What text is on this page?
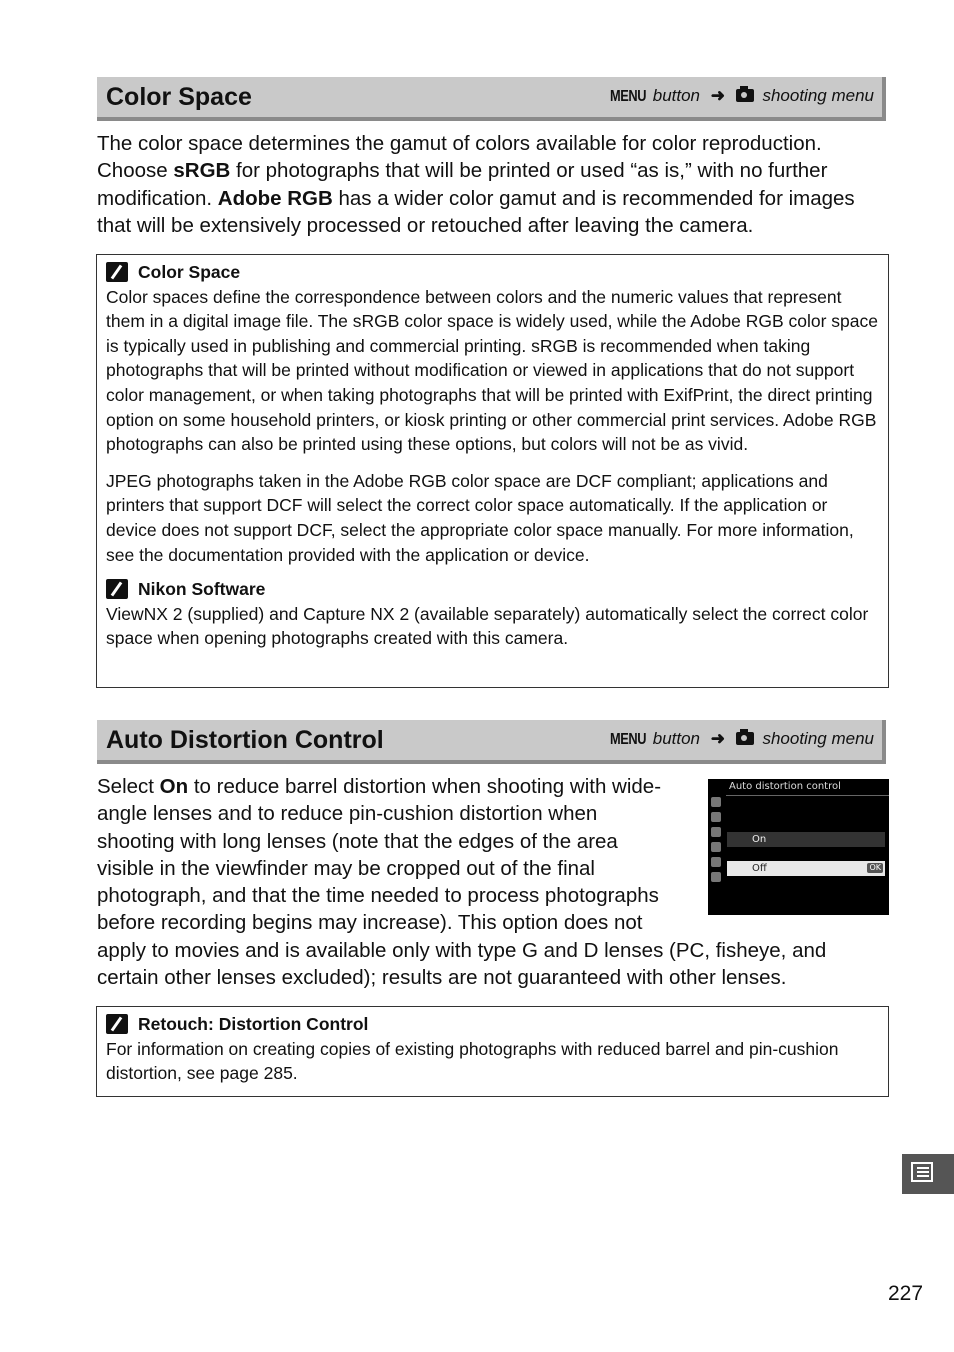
Color Space	MENU button ➜ shooting menu

The color space determines the gamut of colors available for color reproduction. Choose sRGB for photographs that will be printed or used “as is,” with no further modification. Adobe RGB has a wider color gamut and is recommended for images that will be extensively processed or retouched after leaving the camera.

Color Space

Color spaces define the correspondence between colors and the numeric values that represent them in a digital image file. The sRGB color space is widely used, while the Adobe RGB color space is typically used in publishing and commercial printing. sRGB is recommended when taking photographs that will be printed without modification or viewed in applications that do not support color management, or when taking photographs that will be printed with ExifPrint, the direct printing option on some household printers, or kiosk printing or other commercial print services. Adobe RGB photographs can also be printed using these options, but colors will not be as vivid.

JPEG photographs taken in the Adobe RGB color space are DCF compliant; applications and printers that support DCF will select the correct color space automatically. If the application or device does not support DCF, select the appropriate color space manually. For more information, see the documentation provided with the application or device.

Nikon Software

ViewNX 2 (supplied) and Capture NX 2 (available separately) automatically select the correct color space when opening photographs created with this camera.

Auto Distortion Control	MENU button ➜ shooting menu
Select On to reduce barrel distortion when shooting with wide-
angle lenses and to reduce pin-cushion distortion when
shooting with long lenses (note that the edges of the area
visible in the viewfinder may be cropped out of the final
photograph, and that the time needed to process photographs
before recording begins may increase). This option does not
apply to movies and is available only with type G and D lenses (PC, fisheye, and
certain other lenses excluded); results are not guaranteed with other lenses.
Auto distortion control
On
Off	OK
Retouch: Distortion Control

For information on creating copies of existing photographs with reduced barrel and pin-cushion distortion, see page 285.

227
